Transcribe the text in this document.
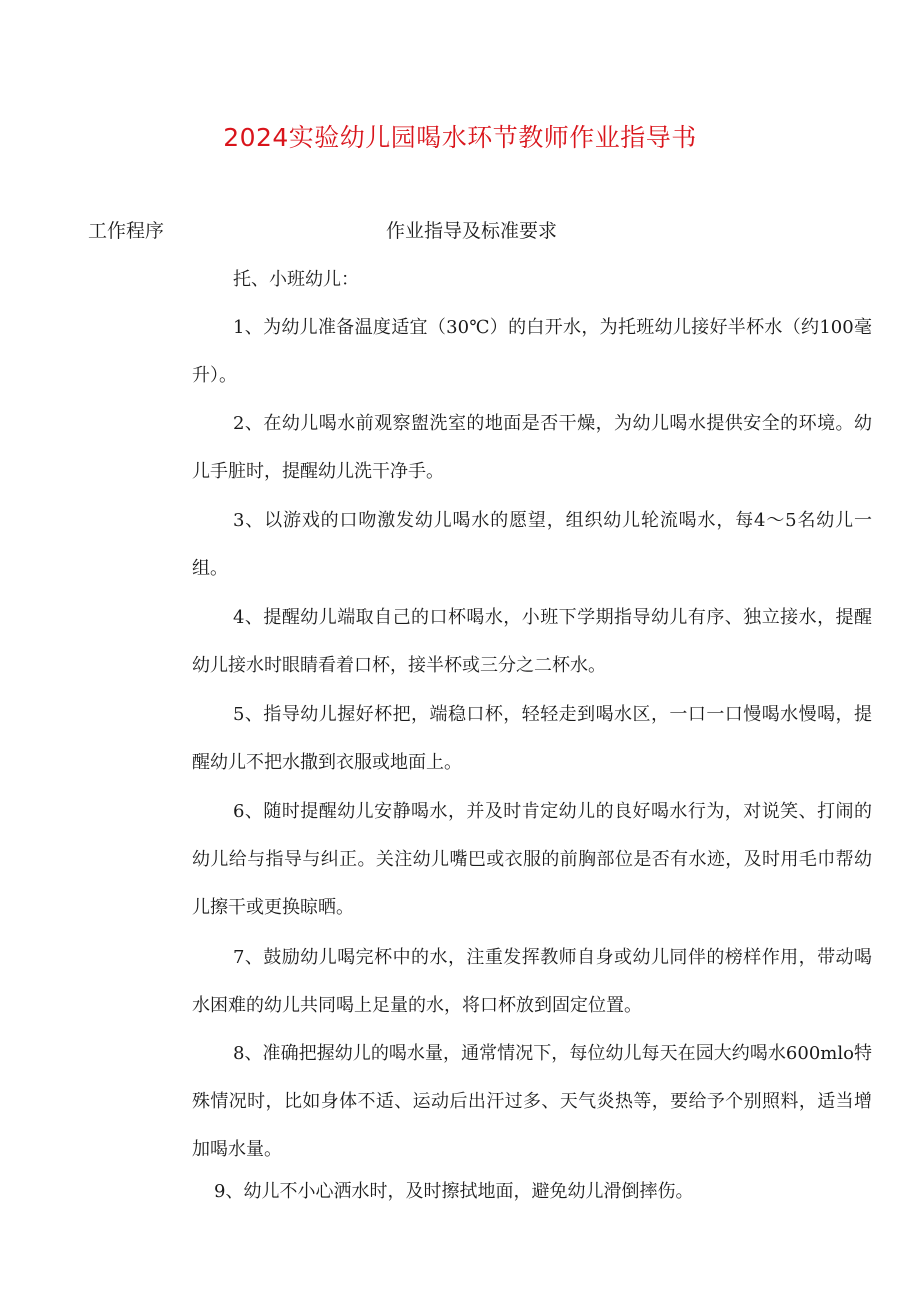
2024实验幼儿园喝水环节教师作业指导书
工作程序	作业指导及标准要求
托、小班幼儿：

1、为幼儿准备温度适宜（30℃）的白开水，为托班幼儿接好半杯水（约100毫升）。

2、在幼儿喝水前观察盥洗室的地面是否干燥，为幼儿喝水提供安全的环境。幼儿手脏时，提醒幼儿洗干净手。

3、以游戏的口吻激发幼儿喝水的愿望，组织幼儿轮流喝水，每4～5名幼儿一组。

4、提醒幼儿端取自己的口杯喝水，小班下学期指导幼儿有序、独立接水，提醒幼儿接水时眼睛看着口杯，接半杯或三分之二杯水。

5、指导幼儿握好杯把，端稳口杯，轻轻走到喝水区，一口一口慢喝水慢喝，提醒幼儿不把水撒到衣服或地面上。

6、随时提醒幼儿安静喝水，并及时肯定幼儿的良好喝水行为，对说笑、打闹的幼儿给与指导与纠正。关注幼儿嘴巴或衣服的前胸部位是否有水迹，及时用毛巾帮幼儿擦干或更换晾晒。

7、鼓励幼儿喝完杯中的水，注重发挥教师自身或幼儿同伴的榜样作用，带动喝水困难的幼儿共同喝上足量的水，将口杯放到固定位置。

8、准确把握幼儿的喝水量，通常情况下，每位幼儿每天在园大约喝水600mlo特殊情况时，比如身体不适、运动后出汗过多、天气炎热等，要给予个别照料，适当增加喝水量。

9、幼儿不小心洒水时，及时擦拭地面，避免幼儿滑倒摔伤。
